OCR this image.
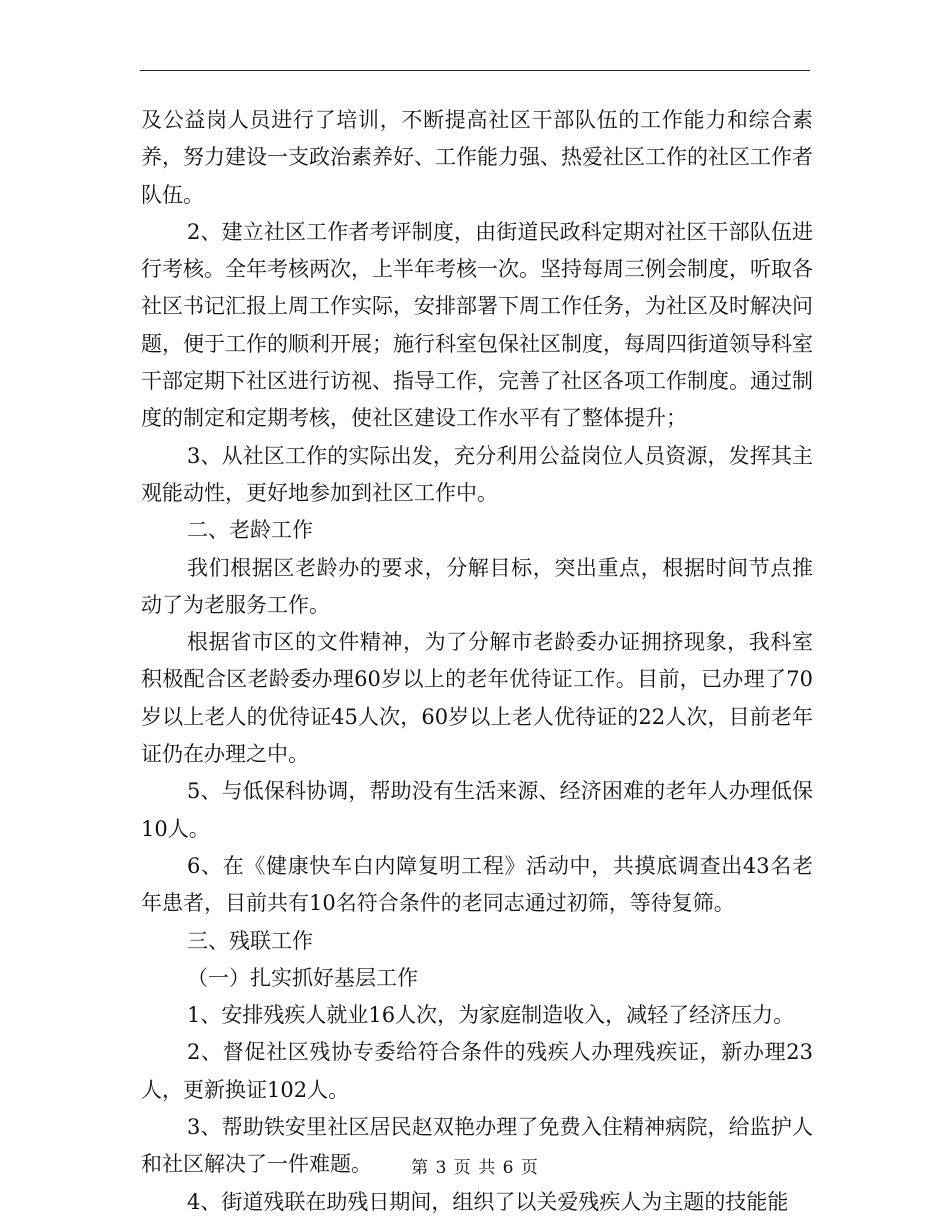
及公益岗人员进行了培训，不断提高社区干部队伍的工作能力和综合素养，努力建设一支政治素养好、工作能力强、热爱社区工作的社区工作者队伍。

2、建立社区工作者考评制度，由街道民政科定期对社区干部队伍进行考核。全年考核两次，上半年考核一次。坚持每周三例会制度，听取各社区书记汇报上周工作实际，安排部署下周工作任务，为社区及时解决问题，便于工作的顺利开展；施行科室包保社区制度，每周四街道领导科室干部定期下社区进行访视、指导工作，完善了社区各项工作制度。通过制度的制定和定期考核，使社区建设工作水平有了整体提升；

3、从社区工作的实际出发，充分利用公益岗位人员资源，发挥其主观能动性，更好地参加到社区工作中。

二、老龄工作

我们根据区老龄办的要求，分解目标，突出重点，根据时间节点推动了为老服务工作。

根据省市区的文件精神，为了分解市老龄委办证拥挤现象，我科室积极配合区老龄委办理60岁以上的老年优待证工作。目前，已办理了70岁以上老人的优待证45人次，60岁以上老人优待证的22人次，目前老年证仍在办理之中。

5、与低保科协调，帮助没有生活来源、经济困难的老年人办理低保10人。

6、在《健康快车白内障复明工程》活动中，共摸底调查出43名老年患者，目前共有10名符合条件的老同志通过初筛，等待复筛。

三、残联工作

（一）扎实抓好基层工作

1、安排残疾人就业16人次，为家庭制造收入，减轻了经济压力。

2、督促社区残协专委给符合条件的残疾人办理残疾证，新办理23人，更新换证102人。

3、帮助铁安里社区居民赵双艳办理了免费入住精神病院，给监护人和社区解决了一件难题。

4、街道残联在助残日期间，组织了以关爱残疾人为主题的技能能

第 3 页 共 6 页
